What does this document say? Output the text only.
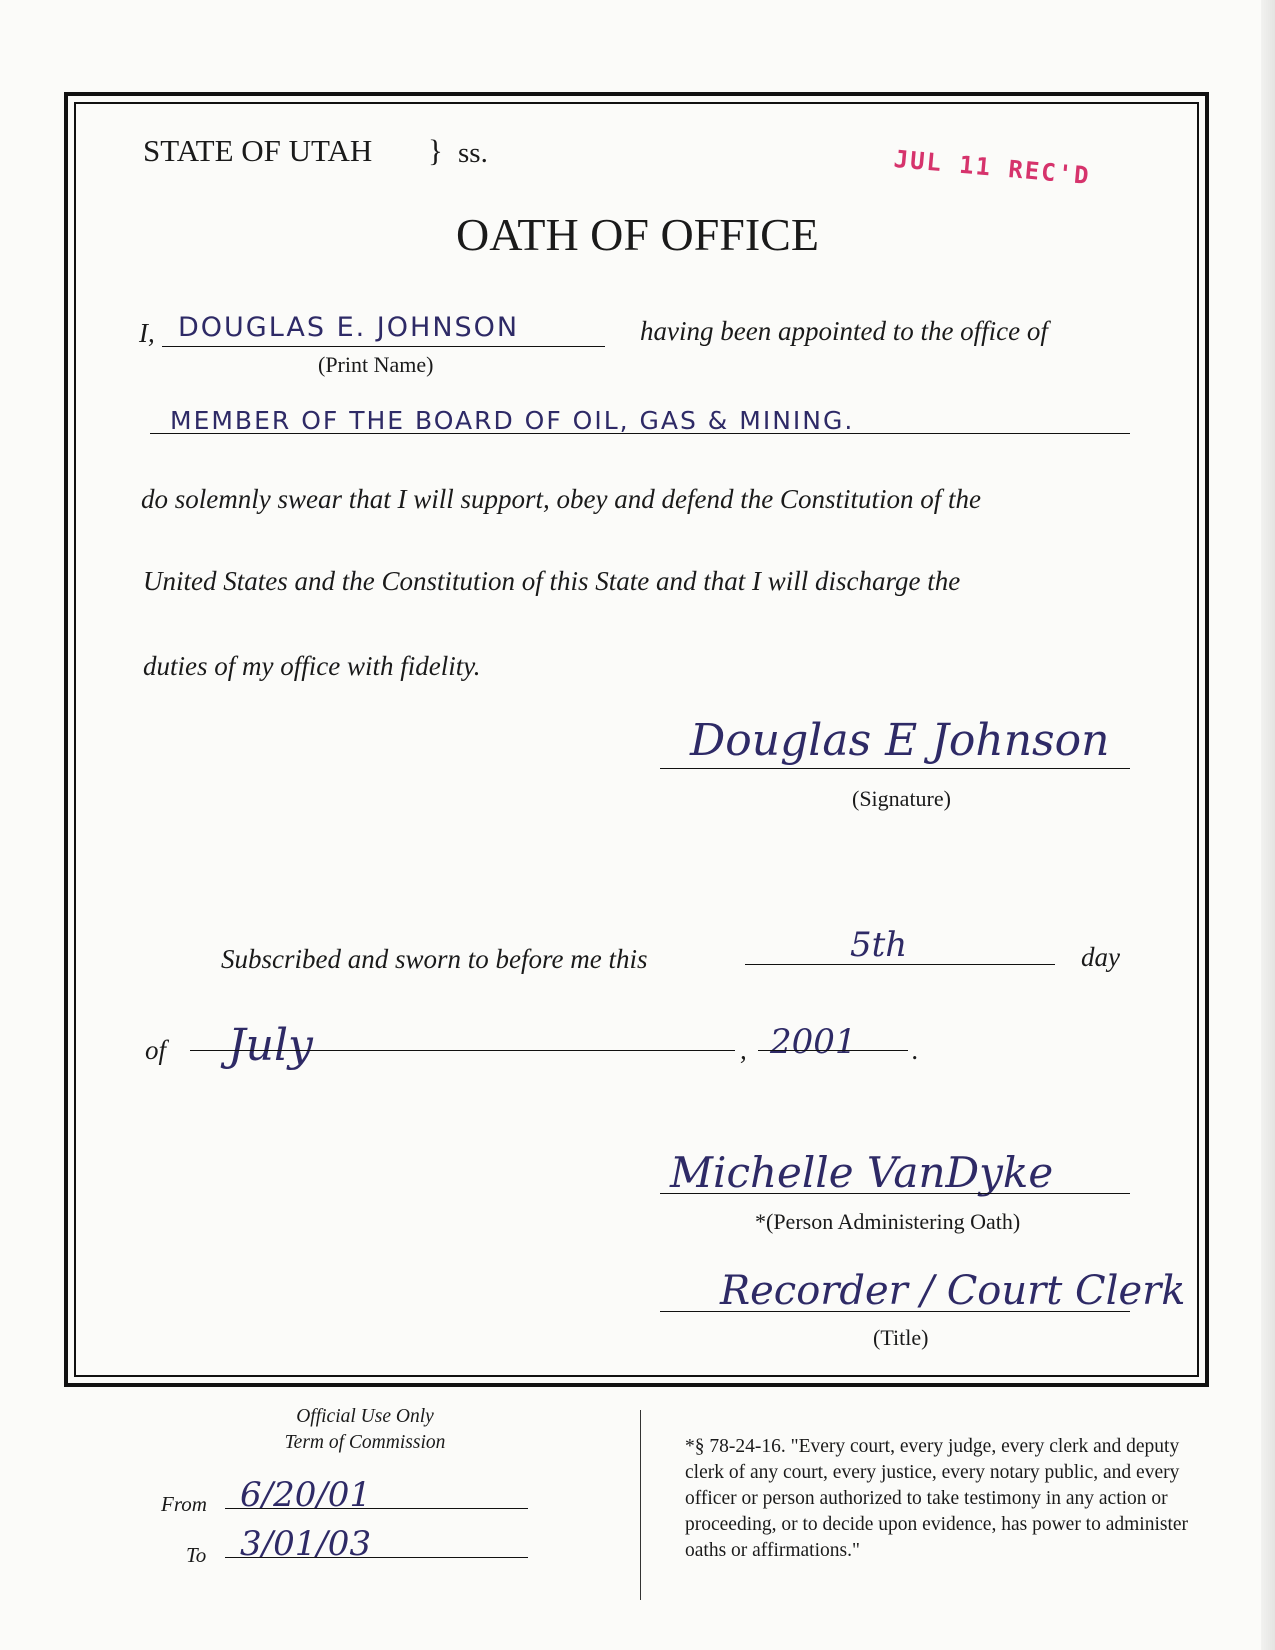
STATE OF UTAH } ss.	JUL 11 REC'D
OATH OF OFFICE
I, DOUGLAS E. JOHNSON
(Print Name)
having been appointed to the office of
MEMBER OF THE BOARD OF OIL, GAS & MINING.
do solemnly swear that I will support, obey and defend the Constitution of the
United States and the Constitution of this State and that I will discharge the
duties of my office with fidelity.
Douglas E Johnson
(Signature)
Subscribed and sworn to before me this	5th	day
of July	, 2001 .
Michelle VanDyke
*(Person Administering Oath)
Recorder / Court Clerk
(Title)
Official Use Only
Term of Commission
From 6/20/01
To 3/01/03
*§ 78-24-16. "Every court, every judge, every clerk and deputy clerk of any court, every justice, every notary public, and every officer or person authorized to take testimony in any action or proceeding, or to decide upon evidence, has power to administer oaths or affirmations."
